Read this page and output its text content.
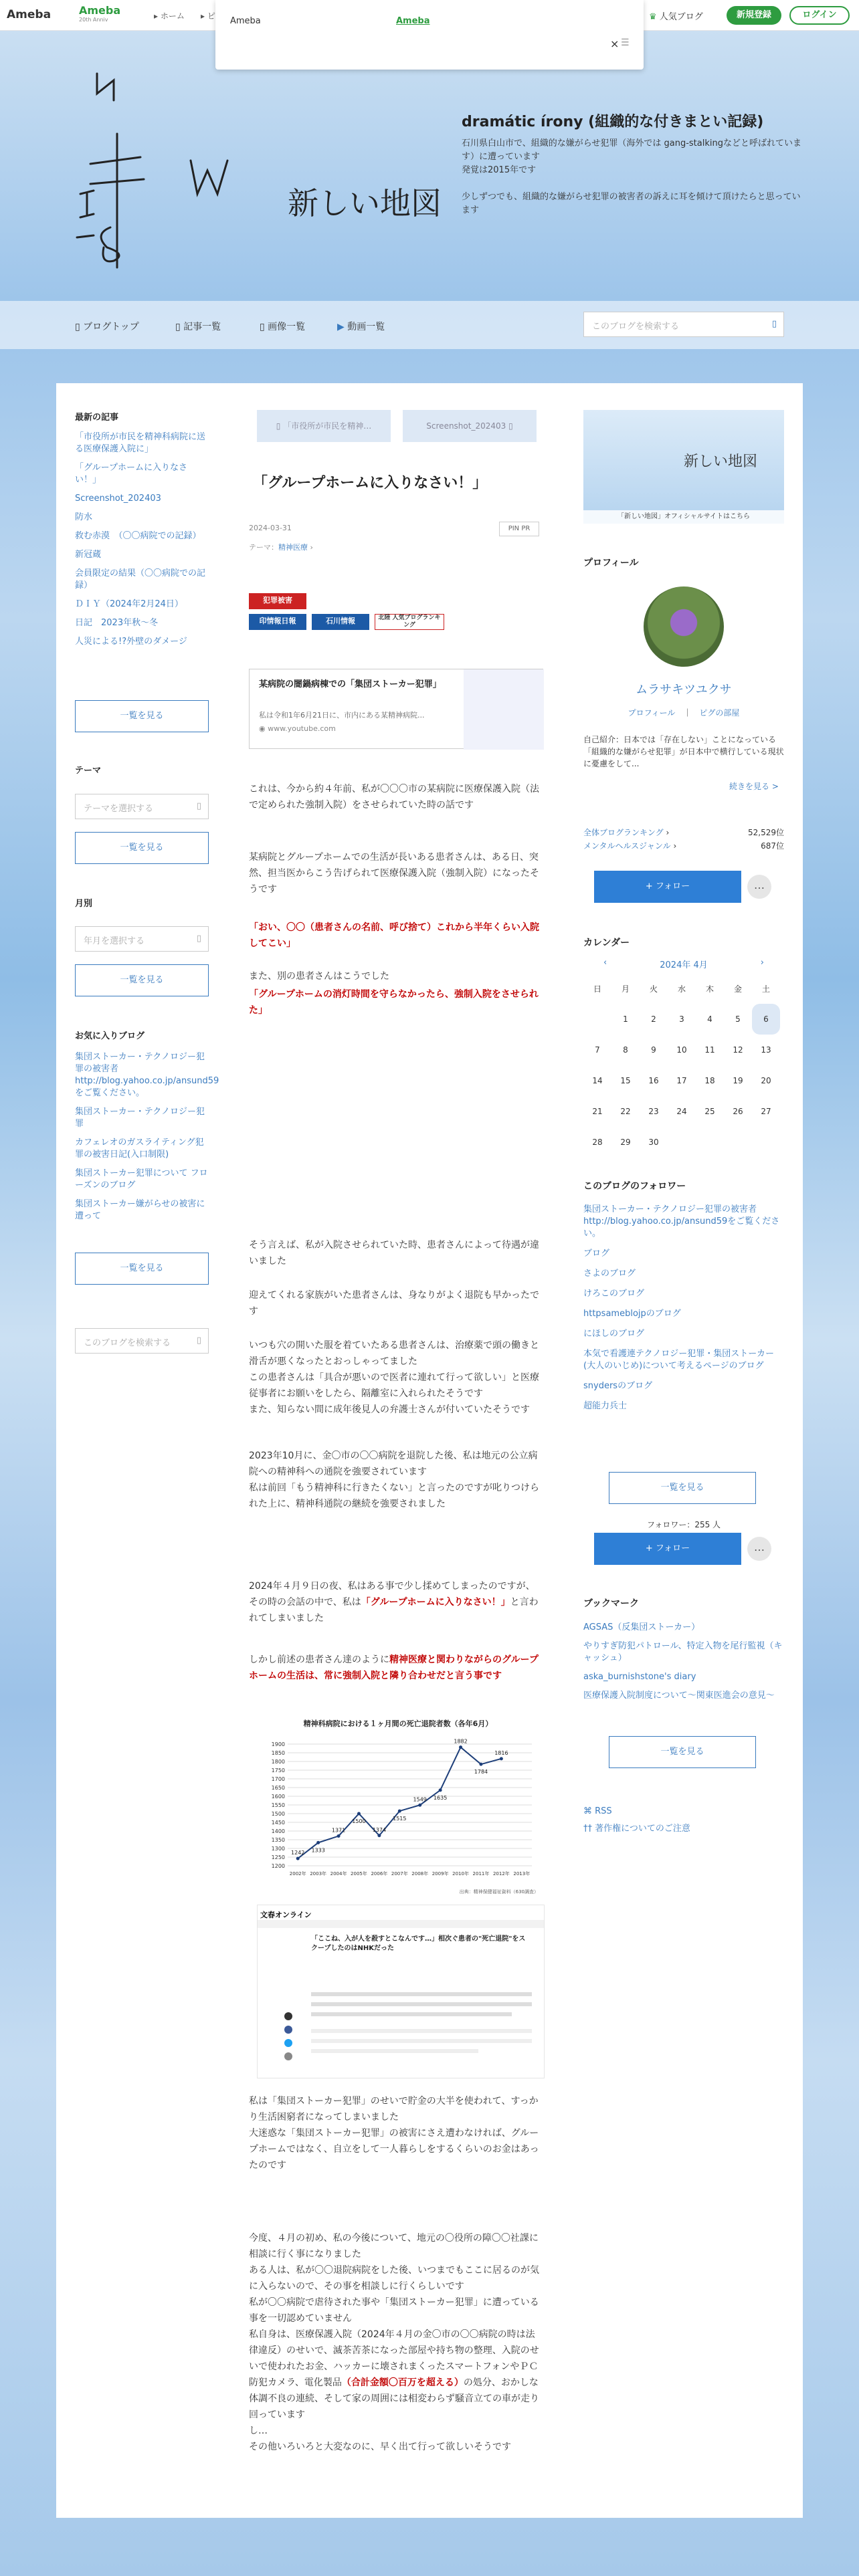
Ameba	Ameba
20th Anniv	▸ ホーム ▸ ピ	♛ 人気ブログ	新規登録	ログイン
Ameba	Ameba
× ☰
新しい地図
dramátic írony (組織的な付きまとい記録)
石川県白山市で、組織的な嫌がらせ犯罪（海外では gang-stalkingなどと呼ばれています）に遭っています
発覚は2015年です
少しずつでも、組織的な嫌がらせ犯罪の被害者の訴えに耳を傾けて頂けたらと思っています
▯ ブログトップ	▯ 記事一覧	▯ 画像一覧	▶ 動画一覧	このブログを検索する	▯
最新の記事
「市役所が市民を精神科病院に送る医療保護入院に」
「グループホームに入りなさい！」
Screenshot_202403
防水
救む赤漠　（〇〇病院での記録）
新冠蔵
会員限定の結果（〇〇病院での記録）
ＤＩＹ（2024年2月24日）
日記　2023年秋〜冬
人災による!?外壁のダメージ
一覧を見る
テーマ
テーマを選択する	▯
一覧を見る
月別
年月を選択する	▯
一覧を見る
お気に入りブログ
集団ストーカー・テクノロジー犯罪の被害者 http://blog.yahoo.co.jp/ansund59をご覧ください。
集団ストーカー・テクノロジー犯罪
カフェレオのガスライティング犯罪の被害日記(入口制限)
集団ストーカー犯罪について フローズンのブログ
集団ストーカー嫌がらせの被害に遭って
一覧を見る
このブログを検索する	▯
▯ 「市役所が市民を精神…	Screenshot_202403 ▯
「グループホームに入りなさい！」
2024-03-31	PIN PR
テーマ：精神医療 ›
犯罪被害
印情報日報	石川情報	北陸 人気ブログランキング
某病院の闇鍋病棟での「集団ストーカー犯罪」
私は令和1年6月21日に、市内にある某精神病院...
◉ www.youtube.com
これは、今から約４年前、私が〇〇〇市の某病院に医療保護入院（法で定められた強制入院）をさせられていた時の話です
某病院とグループホームでの生活が長いある患者さんは、ある日、突然、担当医からこう告げられて医療保護入院（強制入院）になったそうです
「おい、〇〇（患者さんの名前、呼び捨て）これから半年くらい入院してこい」
また、別の患者さんはこうでした
「グループホームの消灯時間を守らなかったら、強制入院をさせられた」
そう言えば、私が入院させられていた時、患者さんによって待遇が違いました
迎えてくれる家族がいた患者さんは、身なりがよく退院も早かったです
いつも穴の開いた服を着ていたある患者さんは、治療薬で頭の働きと滑舌が悪くなったとおっしゃってました
この患者さんは「具合が悪いので医者に連れて行って欲しい」と医療従事者にお願いをしたら、隔離室に入れられたそうです
また、知らない間に成年後見人の弁護士さんが付いていたそうです
2023年10月に、金〇市の〇〇病院を退院した後、私は地元の公立病院への精神科への通院を強要されています
私は前回「もう精神科に行きたくない」と言ったのですが叱りつけられた上に、精神科通院の継続を強要されました
2024年４月９日の夜、私はある事で少し揉めてしまったのですが、その時の会話の中で、私は「グループホームに入りなさい！」と言われてしまいました
しかし前述の患者さん達のように精神医療と関わりながらのグループホームの生活は、常に強制入院と隣り合わせだと言う事です
精神科病院における１ヶ月間の死亡退院者数（各年6月）
1200
1250
1300
1350
1400
1450
1500
1550
1600
1650
1700
1750
1800
1850
1900
2002年 2003年 2004年 2005年 2006年 2007年 2008年 2009年 2010年 2011年 2012年 2013年
1242 1333
1371
1500
1374
1515
1549 1635
1882
1784
1816
出典：精神保健福祉資料（630調査）
文春オンライン
「ここね、入が人を殺すとこなんです…」相次ぐ患者の"死亡退院"をスクープしたのはNHKだった
私は「集団ストーカー犯罪」のせいで貯金の大半を使われて、すっかり生活困窮者になってしまいました
大迷惑な「集団ストーカー犯罪」の被害にさえ遭わなければ、グループホームではなく、自立をして一人暮らしをするくらいのお金はあったのです
今度、４月の初め、私の今後について、地元の〇役所の障〇〇社課に相談に行く事になりました
ある人は、私が〇〇退院病院をした後、いつまでもここに居るのが気に入らないので、その事を相談しに行くらしいです
私が〇〇病院で虐待された事や「集団ストーカー犯罪」に遭っている事を一切認めていません
私自身は、医療保護入院（2024年４月の金〇市の〇〇病院の時は法律違反）のせいで、滅茶苦茶になった部屋や持ち物の整理、入院のせいで使われたお金、ハッカーに壊されまくったスマートフォンやＰＣ防犯カメラ、電化製品（合計金額〇百万を超える）の処分、おかしな体調不良の連続、そして家の周囲には相変わらず騒音立ての車が走り回っています
し…
その他いろいろと大変なのに、早く出て行って欲しいそうです
新しい地図
「新しい地図」オフィシャルサイトはこちら
プロフィール
ムラサキツユクサ
プロフィール　｜　ピグの部屋
自己紹介：日本では「存在しない」ことになっている「組織的な嫌がらせ犯罪」が日本中で横行している現状に憂慮をして...
続きを見る >
全体ブログランキング ›	52,529位
メンタルヘルスジャンル ›	687位
+ フォロー	…
カレンダー
‹	2024年 4月	›
日	月	火	水	木	金	土
	1	2	3	4	5	6
7	8	9	10	11	12	13
14	15	16	17	18	19	20
21	22	23	24	25	26	27
28	29	30				
このブログのフォロワー
集団ストーカー・テクノロジー犯罪の被害者 http://blog.yahoo.co.jp/ansund59をご覧ください。
ブログ
さよのブログ
けろこのブログ
httpsameblojpのブログ
にほしのブログ
本気で看護連テクノロジー犯罪・集団ストーカー(大人のいじめ)について考えるページのブログ
snydersのブログ
超能力兵士
一覧を見る
フォロワー：255 人
+ フォロー	…
ブックマーク
AGSAS（反集団ストーカー）
やりすぎ防犯パトロール、特定入物を尾行監視（キャッシュ）
aska_burnishstone's diary
医療保護入院制度について〜関東医進会の意見〜
一覧を見る
⌘ RSS
†† 著作権についてのご注意
